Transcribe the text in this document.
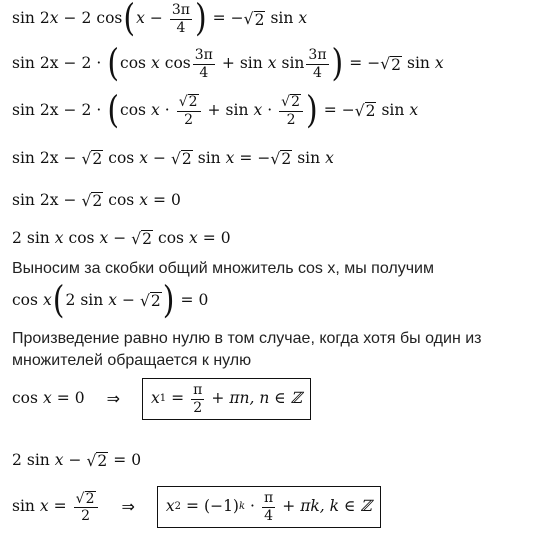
sin 2 x − 2 cos ( $x - \frac{3\pi}{4}$ ) = − √ 2 sin x
sin 2x − 2 · ( cos x $\cos \frac{3\pi}{4} + \sin x$ $\sin \frac{3\pi}{4}$ ) = − √ 2 sin x
sin 2x − 2 · ( $\cos x \cdot \frac{√ 2}{2} + \sin x \cdot \frac{√ 2}{2}$ ) = − √ 2 sin x
sin 2x − √ 2 cos x − √ 2 sin x = − √ 2 sin x
sin 2x − √ 2 cos x = 0
2 sin x cos x − √ 2 cos x = 0
Выносим за скобки общий множитель cos x, мы получим
cos x ( 2 sin x − √ 2 ) = 0
Произведение равно нулю в том случае, когда хотя бы один из
множителей обращается к нулю
cos x = 0 ⇒ x $1 = \frac{\pi}{2} + \pi n$, n ∈ ℤ
2 sin x − √ 2 = 0
$\sin x = \frac{√ 2}{2}$ ⇒ x 2 = (−1) $k \cdot \frac{\pi}{4} + \pi k$, k ∈ ℤ
